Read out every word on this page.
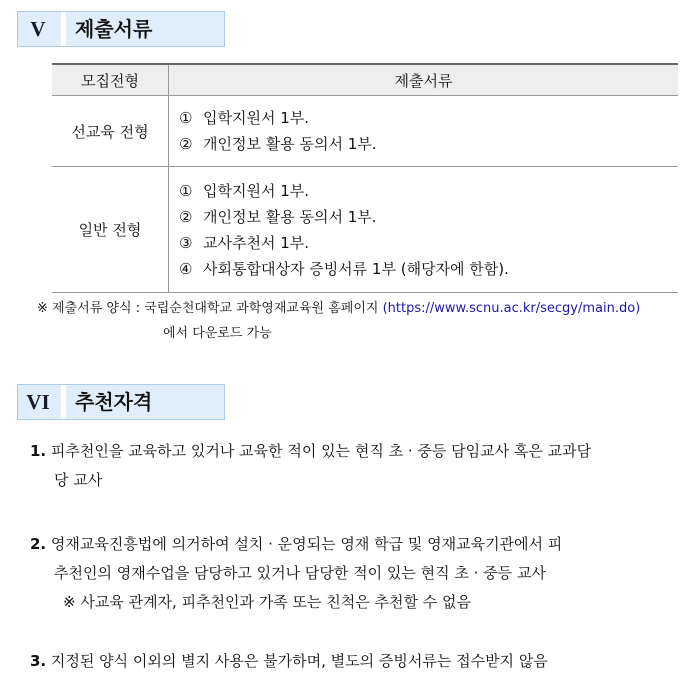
V	제출서류
모집전형	제출서류
선교육 전형	① 입학지원서 1부.
② 개인정보 활용 동의서 1부.

일반 전형	① 입학지원서 1부.
② 개인정보 활용 동의서 1부.
③ 교사추천서 1부.
④ 사회통합대상자 증빙서류 1부 (해당자에 한함).
※ 제출서류 양식 : 국립순천대학교 과학영재교육원 홈페이지 (https://www.scnu.ac.kr/secgy/main.do)
에서 다운로드 가능
VI	추천자격
1. 피추천인을 교육하고 있거나 교육한 적이 있는 현직 초 · 중등 담임교사 혹은 교과담
당 교사
2. 영재교육진흥법에 의거하여 설치 · 운영되는 영재 학급 및 영재교육기관에서 피
추천인의 영재수업을 담당하고 있거나 담당한 적이 있는 현직 초 · 중등 교사
※ 사교육 관계자, 피추천인과 가족 또는 친척은 추천할 수 없음
3. 지정된 양식 이외의 별지 사용은 불가하며, 별도의 증빙서류는 접수받지 않음
